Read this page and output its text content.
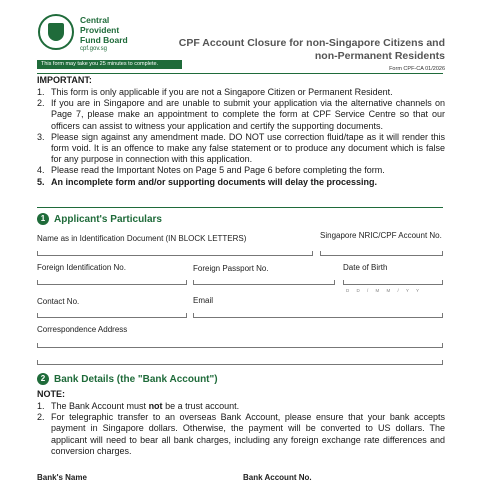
Central
Provident
Fund Board
cpf.gov.sg
This form may take you 25 minutes to complete.
CPF Account Closure for non-Singapore Citizens and
non-Permanent Residents
Form CPF-CA 01/2026
IMPORTANT:
1. This form is only applicable if you are not a Singapore Citizen or Permanent Resident.
2. If you are in Singapore and are unable to submit your application via the alternative channels on Page 7, please make an appointment to complete the form at CPF Service Centre so that our officers can assist to witness your application and certify the supporting documents.
3. Please sign against any amendment made. DO NOT use correction fluid/tape as it will render this form void. It is an offence to make any false statement or to produce any document which is false for any purpose in connection with this application.
4. Please read the Important Notes on Page 5 and Page 6 before completing the form.
5. An incomplete form and/or supporting documents will delay the processing.
1 Applicant's Particulars
Name as in Identification Document (IN BLOCK LETTERS)	Singapore NRIC/CPF Account No.
Foreign Identification No.	Foreign Passport No.	Date of Birth
D D / M M / Y Y
Contact No.	Email
Correspondence Address
2 Bank Details (the "Bank Account")
NOTE:
1. The Bank Account must not be a trust account.
2. For telegraphic transfer to an overseas Bank Account, please ensure that your bank accepts payment in Singapore dollars. Otherwise, the payment will be converted to US dollars. The applicant will need to bear all bank charges, including any foreign exchange rate differences and conversion charges.
Bank's Name	Bank Account No.
